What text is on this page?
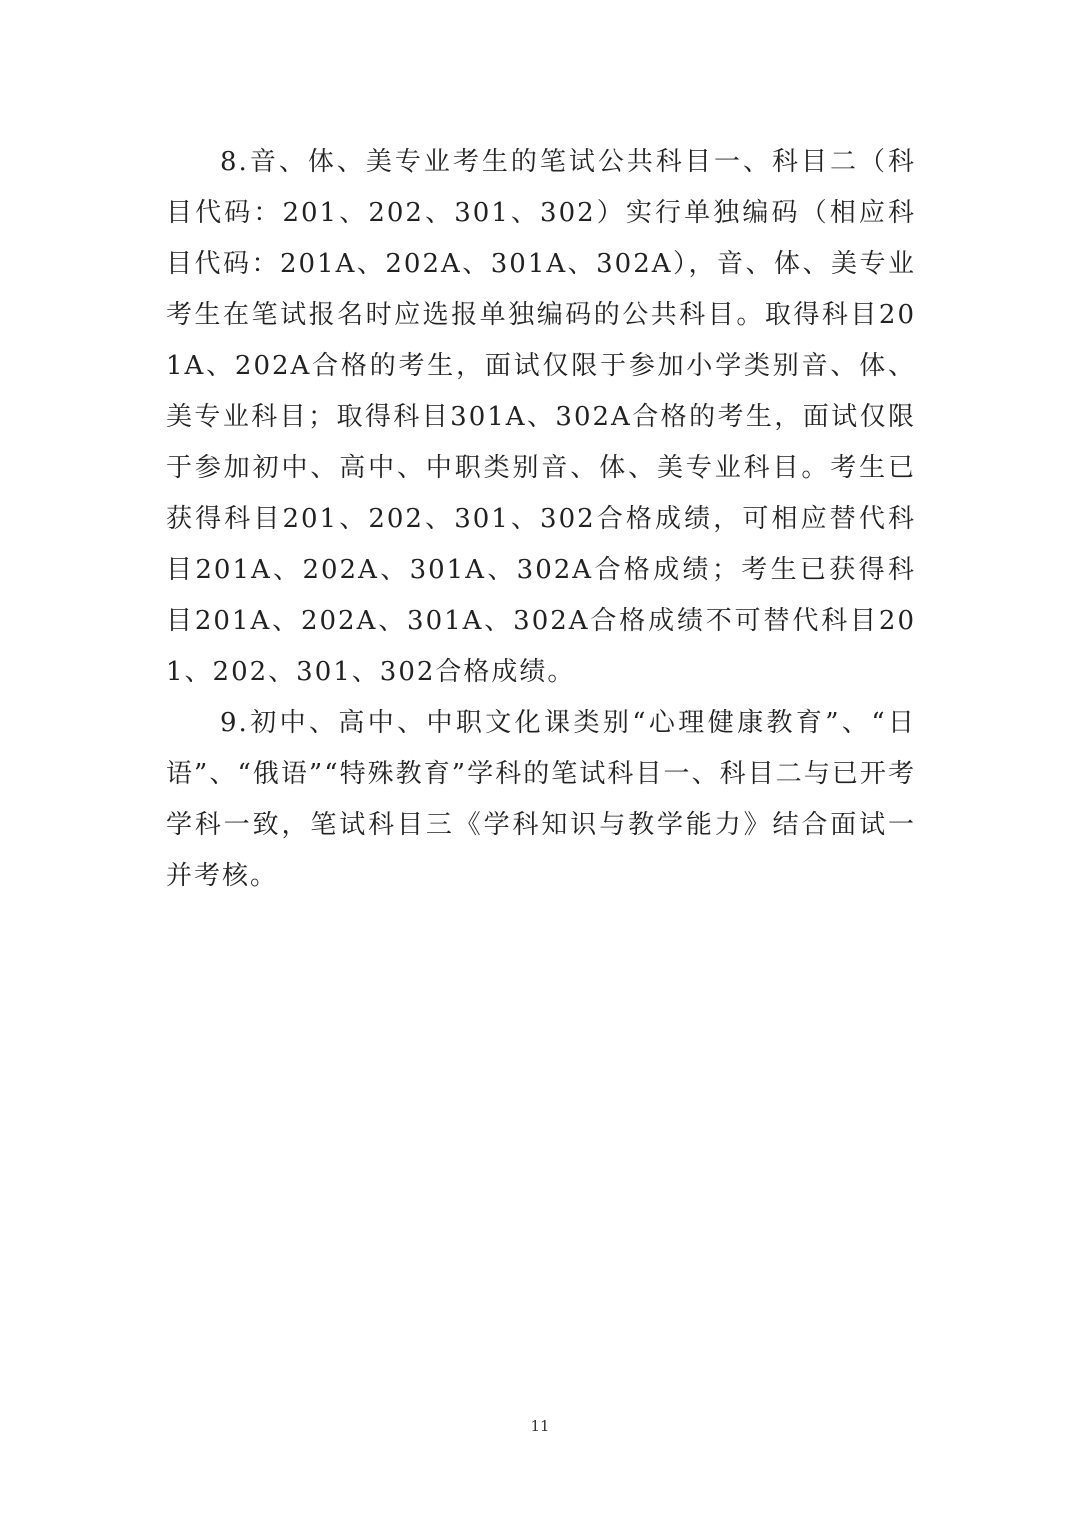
8.音、体、美专业考生的笔试公共科目一、科目二（科目代码：201、202、301、302）实行单独编码（相应科目代码：201A、202A、301A、302A），音、体、美专业考生在笔试报名时应选报单独编码的公共科目。取得科目201A、202A合格的考生，面试仅限于参加小学类别音、体、美专业科目；取得科目301A、302A合格的考生，面试仅限于参加初中、高中、中职类别音、体、美专业科目。考生已获得科目201、202、301、302合格成绩，可相应替代科目201A、202A、301A、302A合格成绩；考生已获得科目201A、202A、301A、302A合格成绩不可替代科目201、202、301、302合格成绩。

9.初中、高中、中职文化课类别“心理健康教育”、“日语”、“俄语”“特殊教育”学科的笔试科目一、科目二与已开考学科一致，笔试科目三《学科知识与教学能力》结合面试一并考核。

11
